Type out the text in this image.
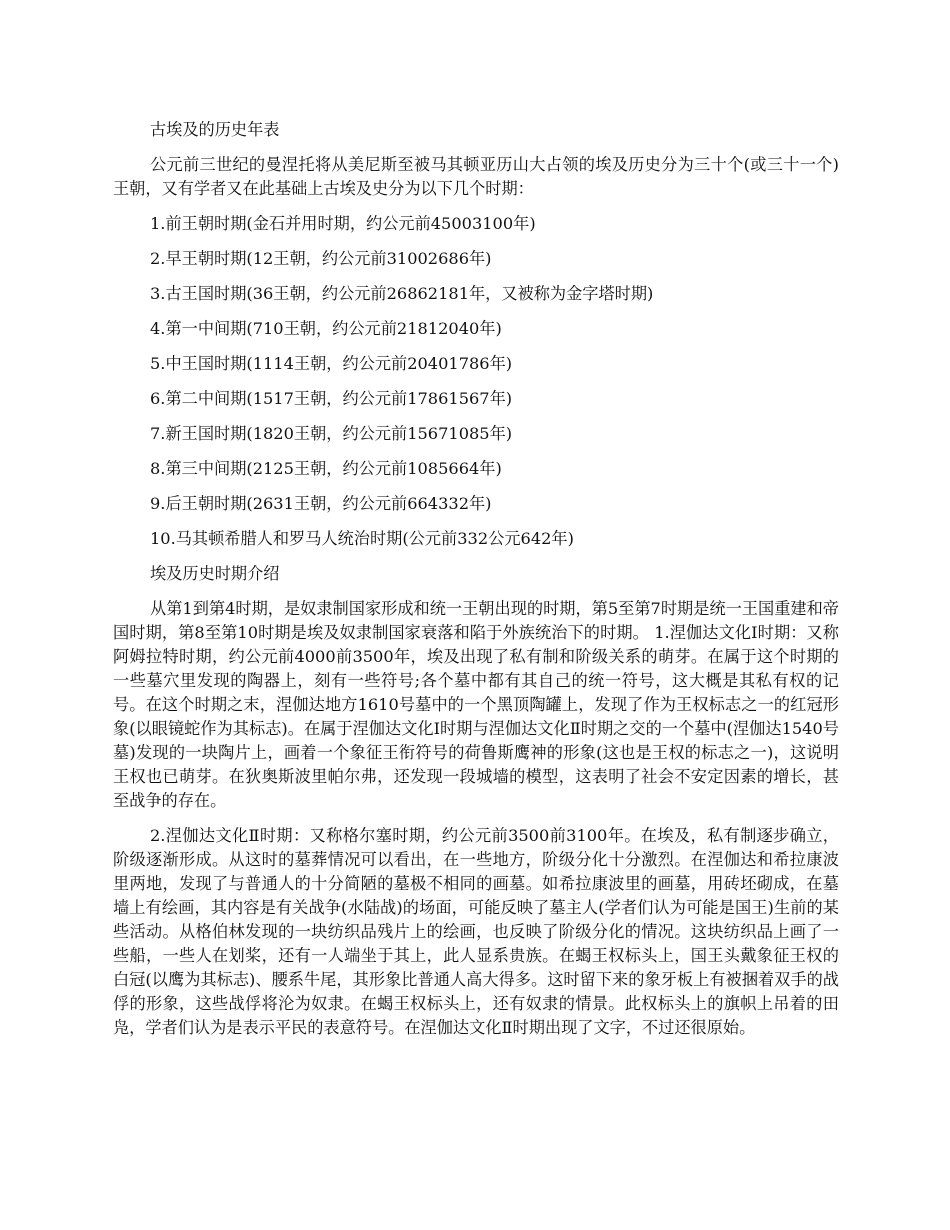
古埃及的历史年表

公元前三世纪的曼涅托将从美尼斯至被马其顿亚历山大占领的埃及历史分为三十个(或三十一个)王朝，又有学者又在此基础上古埃及史分为以下几个时期：

1.前王朝时期(金石并用时期，约公元前45003100年)

2.早王朝时期(12王朝，约公元前31002686年)

3.古王国时期(36王朝，约公元前26862181年，又被称为金字塔时期)

4.第一中间期(710王朝，约公元前21812040年)

5.中王国时期(1114王朝，约公元前20401786年)

6.第二中间期(1517王朝，约公元前17861567年)

7.新王国时期(1820王朝，约公元前15671085年)

8.第三中间期(2125王朝，约公元前1085664年)

9.后王朝时期(2631王朝，约公元前664332年)

10.马其顿希腊人和罗马人统治时期(公元前332公元642年)

埃及历史时期介绍

从第1到第4时期，是奴隶制国家形成和统一王朝出现的时期，第5至第7时期是统一王国重建和帝国时期，第8至第10时期是埃及奴隶制国家衰落和陷于外族统治下的时期。 1.涅伽达文化Ⅰ时期：又称阿姆拉特时期，约公元前4000前3500年，埃及出现了私有制和阶级关系的萌芽。在属于这个时期的一些墓穴里发现的陶器上，刻有一些符号;各个墓中都有其自己的统一符号，这大概是其私有权的记号。在这个时期之末，涅伽达地方1610号墓中的一个黑顶陶罐上，发现了作为王权标志之一的红冠形象(以眼镜蛇作为其标志)。在属于涅伽达文化Ⅰ时期与涅伽达文化Ⅱ时期之交的一个墓中(涅伽达1540号墓)发现的一块陶片上，画着一个象征王衔符号的荷鲁斯鹰神的形象(这也是王权的标志之一)，这说明王权也已萌芽。在狄奥斯波里帕尔弗，还发现一段城墙的模型，这表明了社会不安定因素的增长，甚至战争的存在。

2.涅伽达文化Ⅱ时期：又称格尔塞时期，约公元前3500前3100年。在埃及，私有制逐步确立，阶级逐渐形成。从这时的墓葬情况可以看出，在一些地方，阶级分化十分激烈。在涅伽达和希拉康波里两地，发现了与普通人的十分简陋的墓极不相同的画墓。如希拉康波里的画墓，用砖坯砌成，在墓墙上有绘画，其内容是有关战争(水陆战)的场面，可能反映了墓主人(学者们认为可能是国王)生前的某些活动。从格伯林发现的一块纺织品残片上的绘画，也反映了阶级分化的情况。这块纺织品上画了一些船，一些人在划桨，还有一人端坐于其上，此人显系贵族。在蝎王权标头上，国王头戴象征王权的白冠(以鹰为其标志)、腰系牛尾，其形象比普通人高大得多。这时留下来的象牙板上有被捆着双手的战俘的形象，这些战俘将沦为奴隶。在蝎王权标头上，还有奴隶的情景。此权标头上的旗帜上吊着的田凫，学者们认为是表示平民的表意符号。在涅伽达文化Ⅱ时期出现了文字，不过还很原始。
